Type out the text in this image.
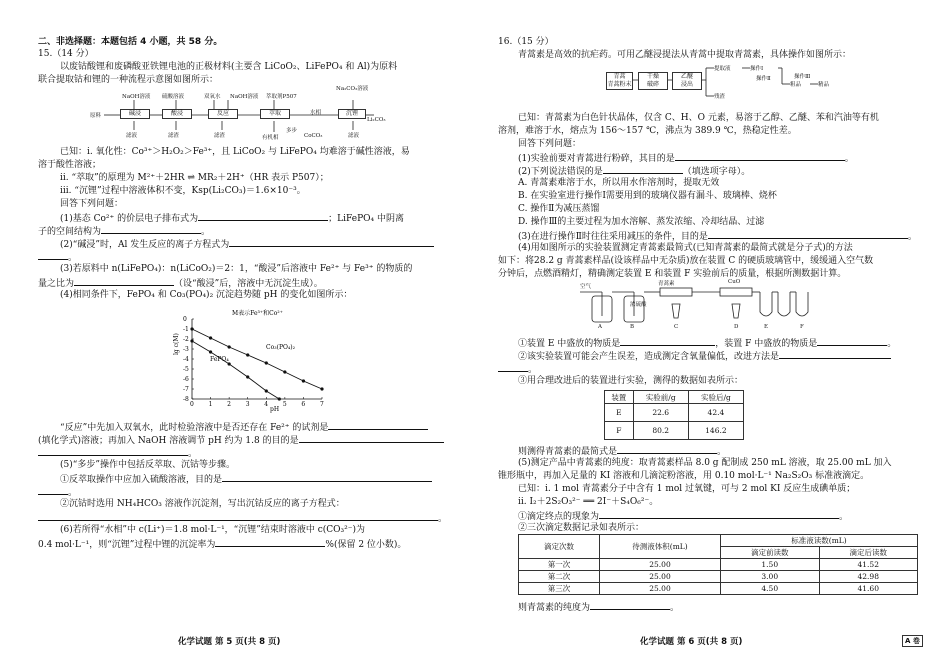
二、非选择题：本题包括 4 小题，共 58 分。
15.（14 分）
以废钴酸锂和废磷酸亚铁锂电池的正极材料(主要含 LiCoO₂、LiFePO₄ 和 Al)为原料
联合提取钴和锂的一种流程示意图如图所示：
原料
NaOH溶液 硫酸溶液	双氧水 NaOH溶液 萃取剂P507
Na₂CO₃溶液
碱浸	酸浸	反应	萃取	沉锂
Li₂CO₃
滤液	滤渣	滤渣	有机相	滤液
水相
多步
CoCO₃
已知：ⅰ. 氧化性：Co³⁺＞H₂O₂＞Fe³⁺，且 LiCoO₂ 与 LiFePO₄ 均难溶于碱性溶液，易
溶于酸性溶液；
ⅱ. “萃取”的原理为 M²⁺＋2HR ⇌ MR₂＋2H⁺（HR 表示 P507）；
ⅲ. “沉锂”过程中溶液体积不变，Ksp(Li₂CO₃)＝1.6×10⁻³。
回答下列问题：
(1)基态 Co²⁺ 的价层电子排布式为	；LiFePO₄ 中阴离
子的空间结构为	。
(2)“碱浸”时，Al 发生反应的离子方程式为
。
(3)若原料中 n(LiFePO₄)：n(LiCoO₂)＝2：1，“酸浸”后溶液中 Fe²⁺ 与 Fe³⁺ 的物质的
量之比为	（设“酸浸”后，溶液中无沉淀生成）。
(4)相同条件下，FePO₄ 和 Co₃(PO₄)₂ 沉淀趋势随 pH 的变化如图所示：
0 1 2 3 4 5 6 7
0
-1
-2
-3
-4
-5
-6
-7
-8
M表示Fe³⁺和Co²⁺
lg c(M)
pH
Co₃(PO₄)₂
FePO₄
“反应”中先加入双氧水，此时检验溶液中是否还存在 Fe²⁺ 的试剂是
(填化学式)溶液；再加入 NaOH 溶液调节 pH 约为 1.8 的目的是
。
(5)“多步”操作中包括反萃取、沉钴等步骤。
①反萃取操作中应加入硫酸溶液，目的是
。
②沉钴时选用 NH₄HCO₃ 溶液作沉淀剂，写出沉钴反应的离子方程式：
。
(6)若所得“水相”中 c(Li⁺)＝1.8 mol·L⁻¹，“沉锂”结束时溶液中 c(CO₃²⁻)为
0.4 mol·L⁻¹，则“沉锂”过程中锂的沉淀率为	%(保留 2 位小数)。
化学试题 第 5 页(共 8 页)
16.（15 分）
青蒿素是高效的抗疟药。可用乙醚浸提法从青蒿中提取青蒿素，具体操作如图所示：
青蒿
青蒿粉末
干燥
破碎
乙醚
浸出
提取液	操作Ⅰ
操作Ⅱ
粗品
操作Ⅲ
精品
残渣
已知：青蒿素为白色针状晶体，仅含 C、H、O 元素，易溶于乙醇、乙醚、苯和汽油等有机
溶剂，难溶于水，熔点为 156～157 ℃，沸点为 389.9 ℃，热稳定性差。
回答下列问题：
(1)实验前要对青蒿进行粉碎，其目的是	。
(2)下列说法错误的是	（填选项字母）。
A. 青蒿素难溶于水，所以用水作溶剂时，提取无效
B. 在实验室进行操作Ⅰ需要用到的玻璃仪器有漏斗、玻璃棒、烧杯
C. 操作Ⅱ为减压蒸馏
D. 操作Ⅲ的主要过程为加水溶解、蒸发浓缩、冷却结晶、过滤
(3)在进行操作Ⅱ时往往采用减压的条件，目的是	。
(4)用如图所示的实验装置测定青蒿素最简式(已知青蒿素的最简式就是分子式)的方法
如下：将28.2 g 青蒿素样品(设该样品中无杂质)放在装置 C 的硬质玻璃管中，缓缓通入空气数
分钟后，点燃酒精灯，精确测定装置 E 和装置 F 实验前后的质量，根据所测数据计算。
空气	青蒿素
浓硫酸
CuO
A	B	C	D	E	F
①装置 E 中盛放的物质是	，装置 F 中盛放的物质是	。
②该实验装置可能会产生误差，造成测定含氧量偏低，改进方法是
。
③用合理改进后的装置进行实验，测得的数据如表所示：
装置	实验前/g	实验后/g
E	22.6	42.4
F	80.2	146.2
则测得青蒿素的最简式是	。
(5)测定产品中青蒿素的纯度：取青蒿素样品 8.0 g 配制成 250 mL 溶液，取 25.00 mL 加入
锥形瓶中，再加入足量的 KI 溶液和几滴淀粉溶液，用 0.10 mol·L⁻¹ Na₂S₂O₃ 标准液滴定。
已知：ⅰ. 1 mol 青蒿素分子中含有 1 mol 过氧键，可与 2 mol KI 反应生成碘单质；
ⅱ. I₂＋2S₂O₃²⁻ ══ 2I⁻＋S₄O₆²⁻。
①滴定终点的现象为	。
②三次滴定数据记录如表所示：
滴定次数	待测液体积(mL)	标准液读数(mL)	
		滴定前读数	滴定后读数
第一次	25.00	1.50	41.52
第二次	25.00	3.00	42.98
第三次	25.00	4.50	41.60
则青蒿素的纯度为	。
化学试题 第 6 页(共 8 页)	A 卷
